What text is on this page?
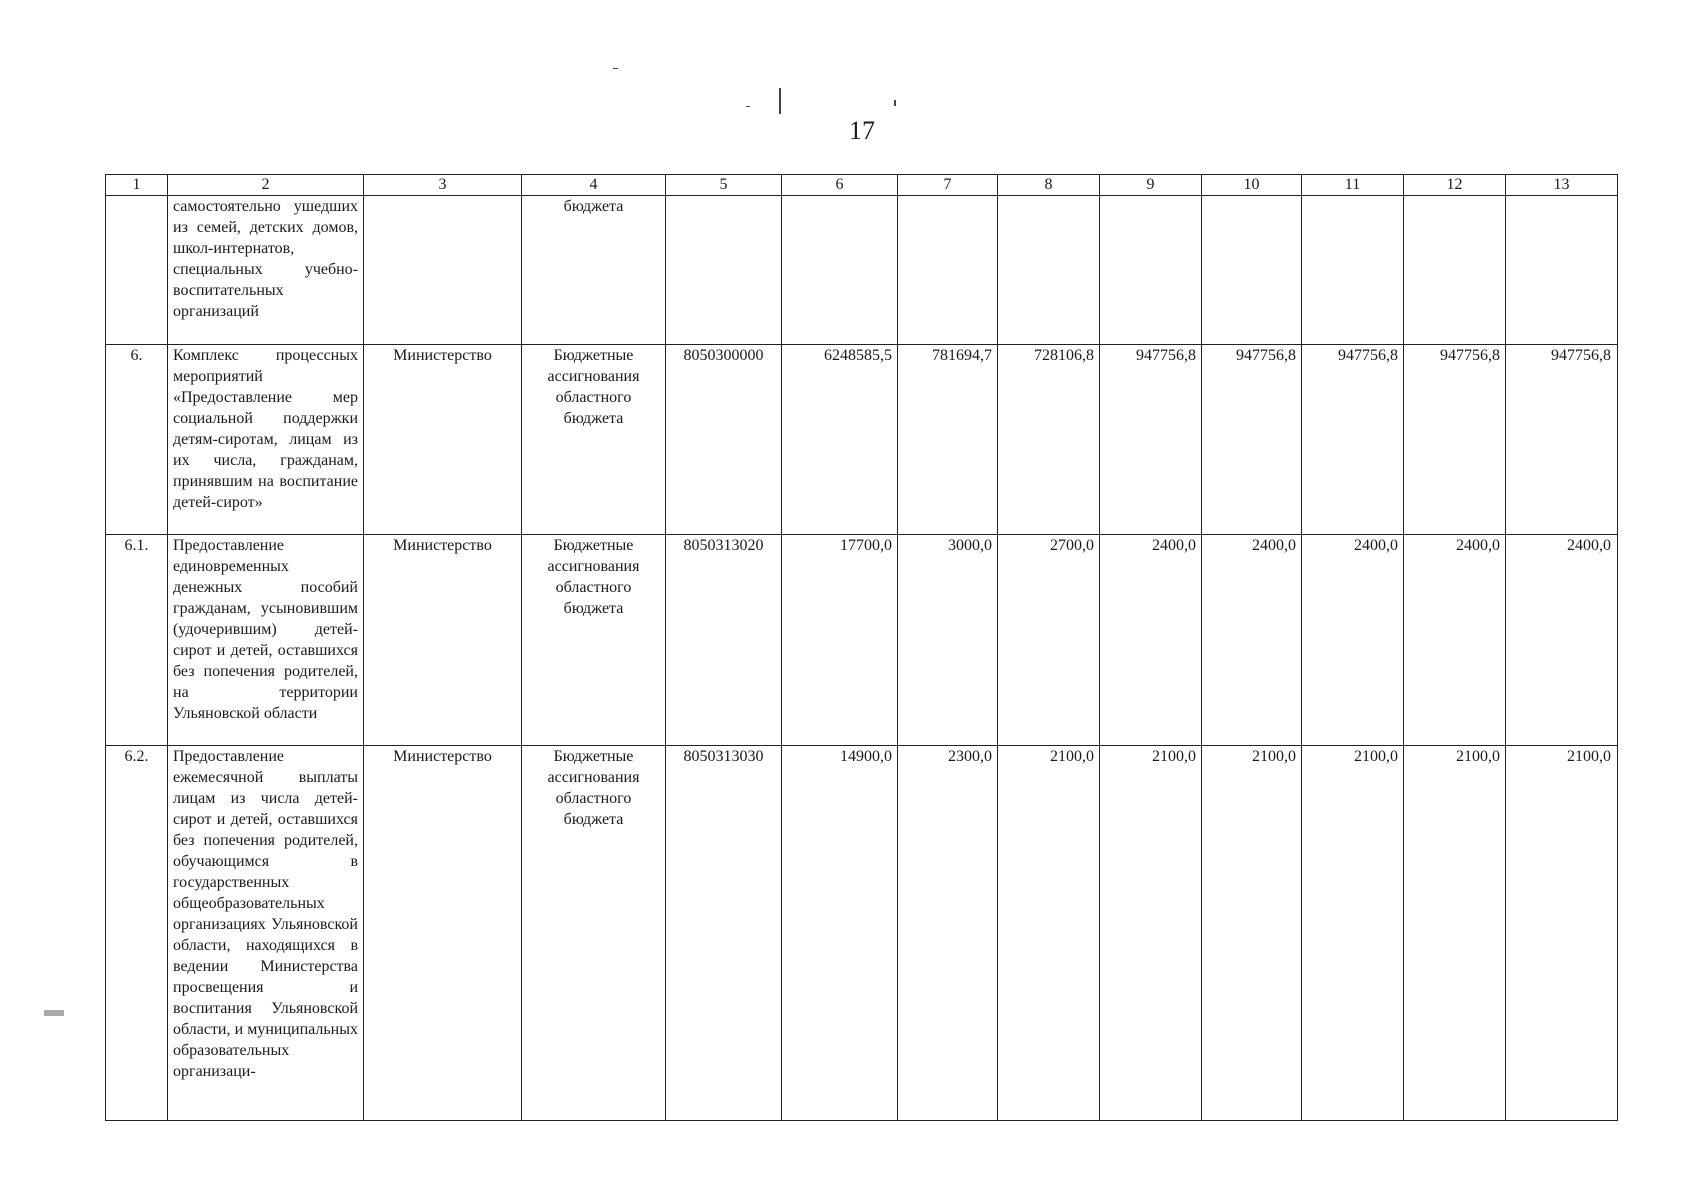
17
1	2	3	4	5	6	7	8	9	10	11	12	13
	самостоятельно ушедших из семей, детских домов, школ-интернатов, специальных учебно-воспитательных организаций		бюджета									
6.	Комплекс процессных мероприятий «Предоставление мер социальной поддержки детям-сиротам, лицам из их числа, гражданам, принявшим на воспитание детей-сирот»	Министерство	Бюджетные ассигнования областного бюджета	8050300000	6248585,5	781694,7	728106,8	947756,8	947756,8	947756,8	947756,8	947756,8
6.1.	Предоставление единовременных денежных пособий гражданам, усыновившим (удочерившим) детей-сирот и детей, оставшихся без попечения родителей, на территории Ульяновской области	Министерство	Бюджетные ассигнования областного бюджета	8050313020	17700,0	3000,0	2700,0	2400,0	2400,0	2400,0	2400,0	2400,0
6.2.	Предоставление ежемесячной выплаты лицам из числа детей-сирот и детей, оставшихся без попечения родителей, обучающимся в государственных общеобразовательных организациях Ульяновской области, находящихся в ведении Министерства просвещения и воспитания Ульяновской области, и муниципальных образовательных организаци-	Министерство	Бюджетные ассигнования областного бюджета	8050313030	14900,0	2300,0	2100,0	2100,0	2100,0	2100,0	2100,0	2100,0
